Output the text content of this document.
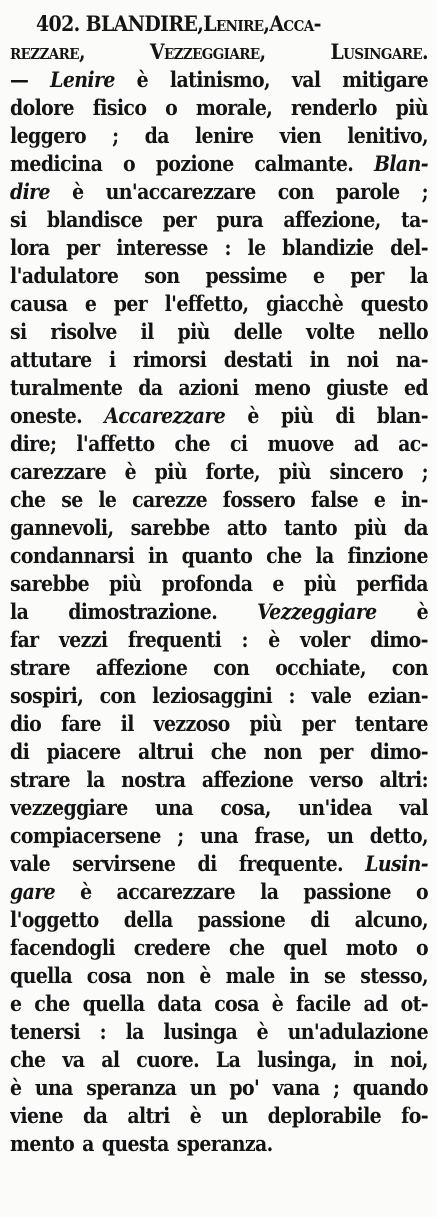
402. BLANDIRE,Lenire,Acca-
rezzare,	Vezzeggiare,	Lusingare.
— Lenire è latinismo, val mitigare
dolore fisico o morale, renderlo più
leggero ; da lenire vien lenitivo,
medicina o pozione calmante. Blan-
dire è un'accarezzare con parole ;
si blandisce per pura affezione, ta-
lora per interesse : le blandizie del-
l'adulatore son pessime e per la
causa e per l'effetto, giacchè questo
si risolve il più delle volte nello
attutare i rimorsi destati in noi na-
turalmente da azioni meno giuste ed
oneste. Accarezzare è più di blan-
dire; l'affetto che ci muove ad ac-
carezzare è più forte, più sincero ;
che se le carezze fossero false e in-
gannevoli, sarebbe atto tanto più da
condannarsi in quanto che la finzione
sarebbe più profonda e più perfida
la dimostrazione. Vezzeggiare è
far vezzi frequenti : è voler dimo-
strare affezione con occhiate, con
sospiri, con leziosaggini : vale ezian-
dio fare il vezzoso più per tentare
di piacere altrui che non per dimo-
strare la nostra affezione verso altri:
vezzeggiare una cosa, un'idea val
compiacersene ; una frase, un detto,
vale servirsene di frequente. Lusin-
gare è accarezzare la passione o
l'oggetto della passione di alcuno,
facendogli credere che quel moto o
quella cosa non è male in se stesso,
e che quella data cosa è facile ad ot-
tenersi : la lusinga è un'adulazione
che va al cuore. La lusinga, in noi,
è una speranza un po' vana ; quando
viene da altri è un deplorabile fo-
mento a questa speranza.
